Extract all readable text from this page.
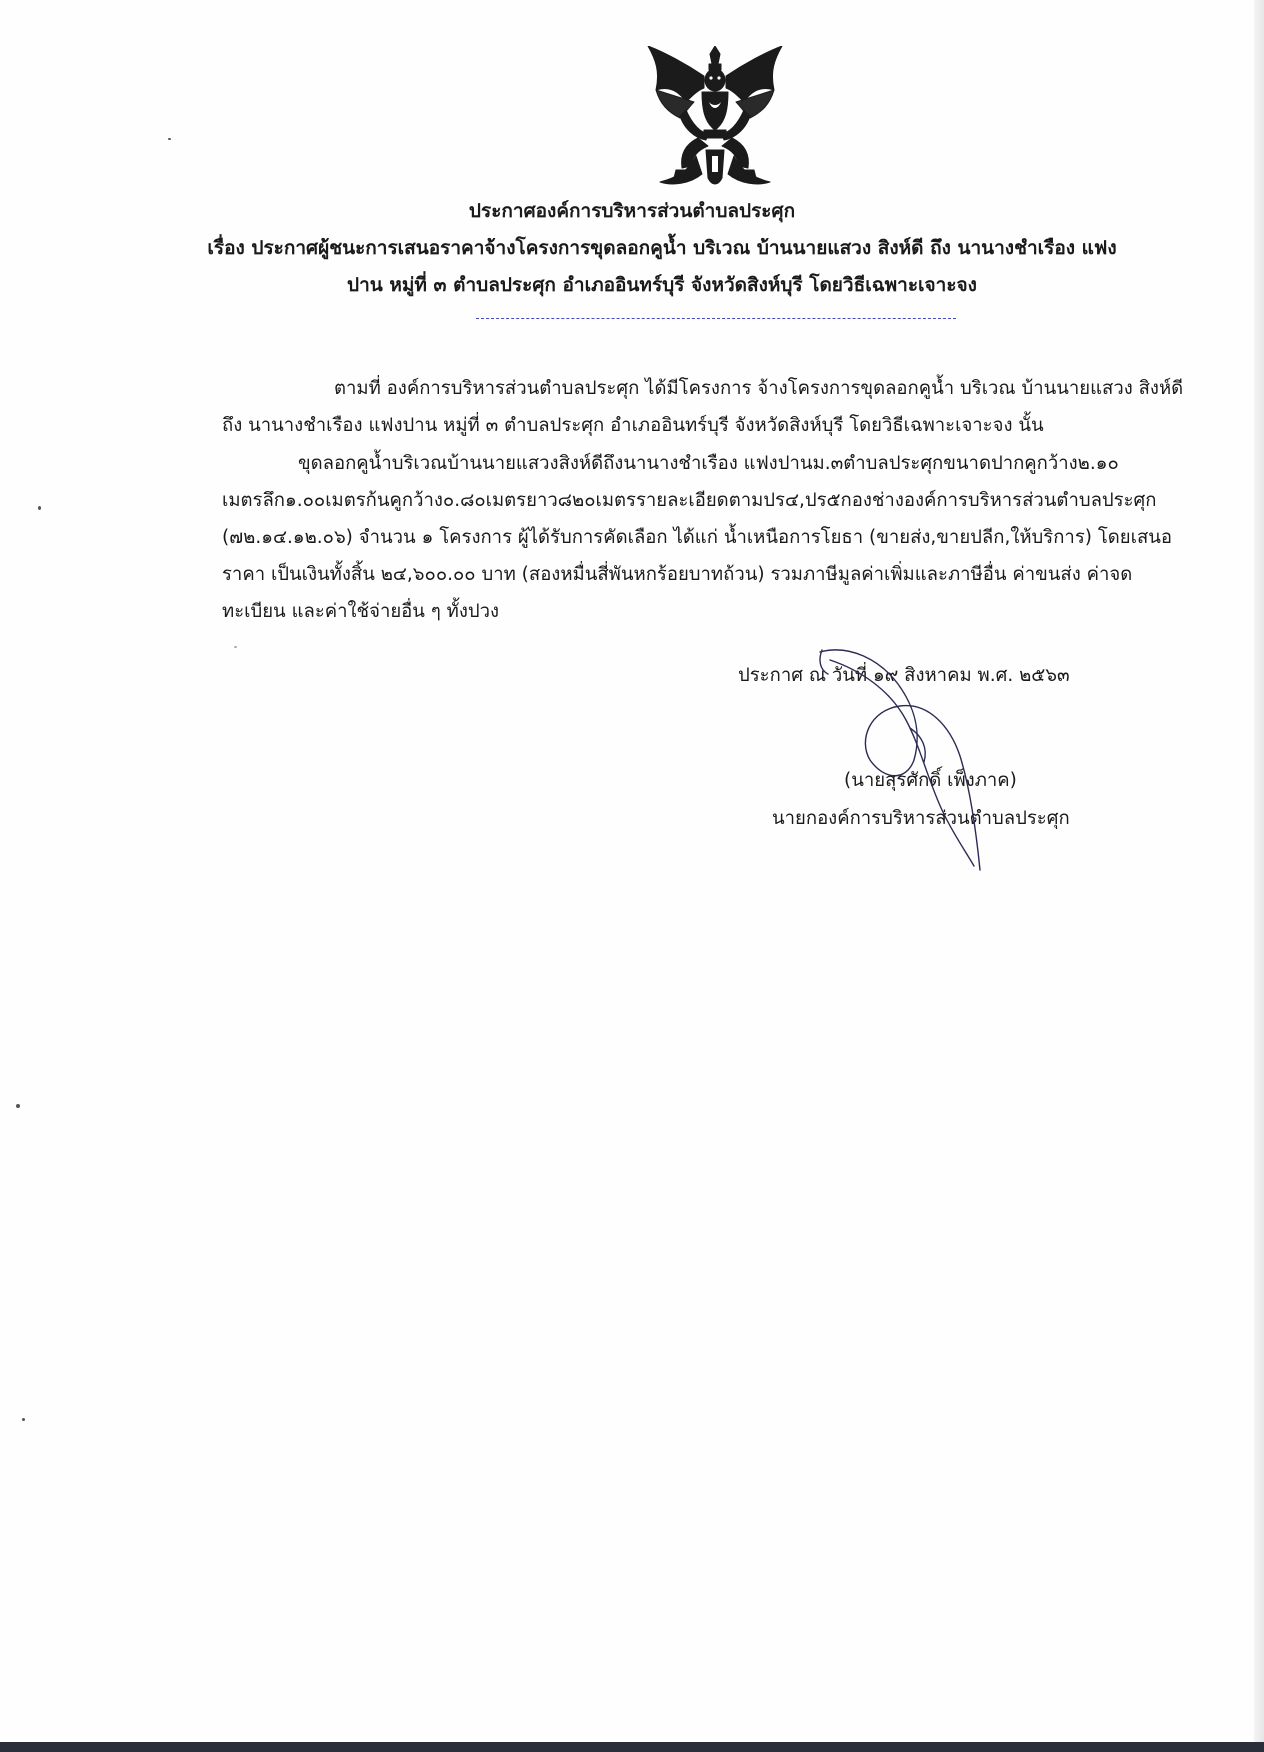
ประกาศองค์การบริหารส่วนตำบลประศุก
เรื่อง ประกาศผู้ชนะการเสนอราคาจ้างโครงการขุดลอกคูน้ำ บริเวณ บ้านนายแสวง สิงห์ดี ถึง นานางชำเรือง แฟง
ปาน หมู่ที่ ๓ ตำบลประศุก อำเภออินทร์บุรี จังหวัดสิงห์บุรี โดยวิธีเฉพาะเจาะจง
ตามที่ องค์การบริหารส่วนตำบลประศุก ได้มีโครงการ จ้างโครงการขุดลอกคูน้ำ บริเวณ บ้านนายแสวง สิงห์ดี
ถึง นานางชำเรือง แฟงปาน หมู่ที่ ๓ ตำบลประศุก อำเภออินทร์บุรี จังหวัดสิงห์บุรี โดยวิธีเฉพาะเจาะจง นั้น
ขุดลอกคูน้ำบริเวณบ้านนายแสวงสิงห์ดีถึงนานางชำเรือง แฟงปานม.๓ตำบลประศุกขนาดปากคูกว้าง๒.๑๐
เมตรลึก๑.๐๐เมตรก้นคูกว้าง๐.๘๐เมตรยาว๘๒๐เมตรรายละเอียดตามปร๔,ปร๕กองช่างองค์การบริหารส่วนตำบลประศุก
(๗๒.๑๔.๑๒.๐๖) จำนวน ๑ โครงการ ผู้ได้รับการคัดเลือก ได้แก่ น้ำเหนือการโยธา (ขายส่ง,ขายปลีก,ให้บริการ) โดยเสนอ
ราคา เป็นเงินทั้งสิ้น ๒๔,๖๐๐.๐๐ บาท (สองหมื่นสี่พันหกร้อยบาทถ้วน) รวมภาษีมูลค่าเพิ่มและภาษีอื่น ค่าขนส่ง ค่าจด
ทะเบียน และค่าใช้จ่ายอื่น ๆ ทั้งปวง
ประกาศ ณ วันที่ ๑๙ สิงหาคม พ.ศ. ๒๕๖๓
(นายสุรศักดิ์ เพ็งภาค)
นายกองค์การบริหารส่วนตำบลประศุก
